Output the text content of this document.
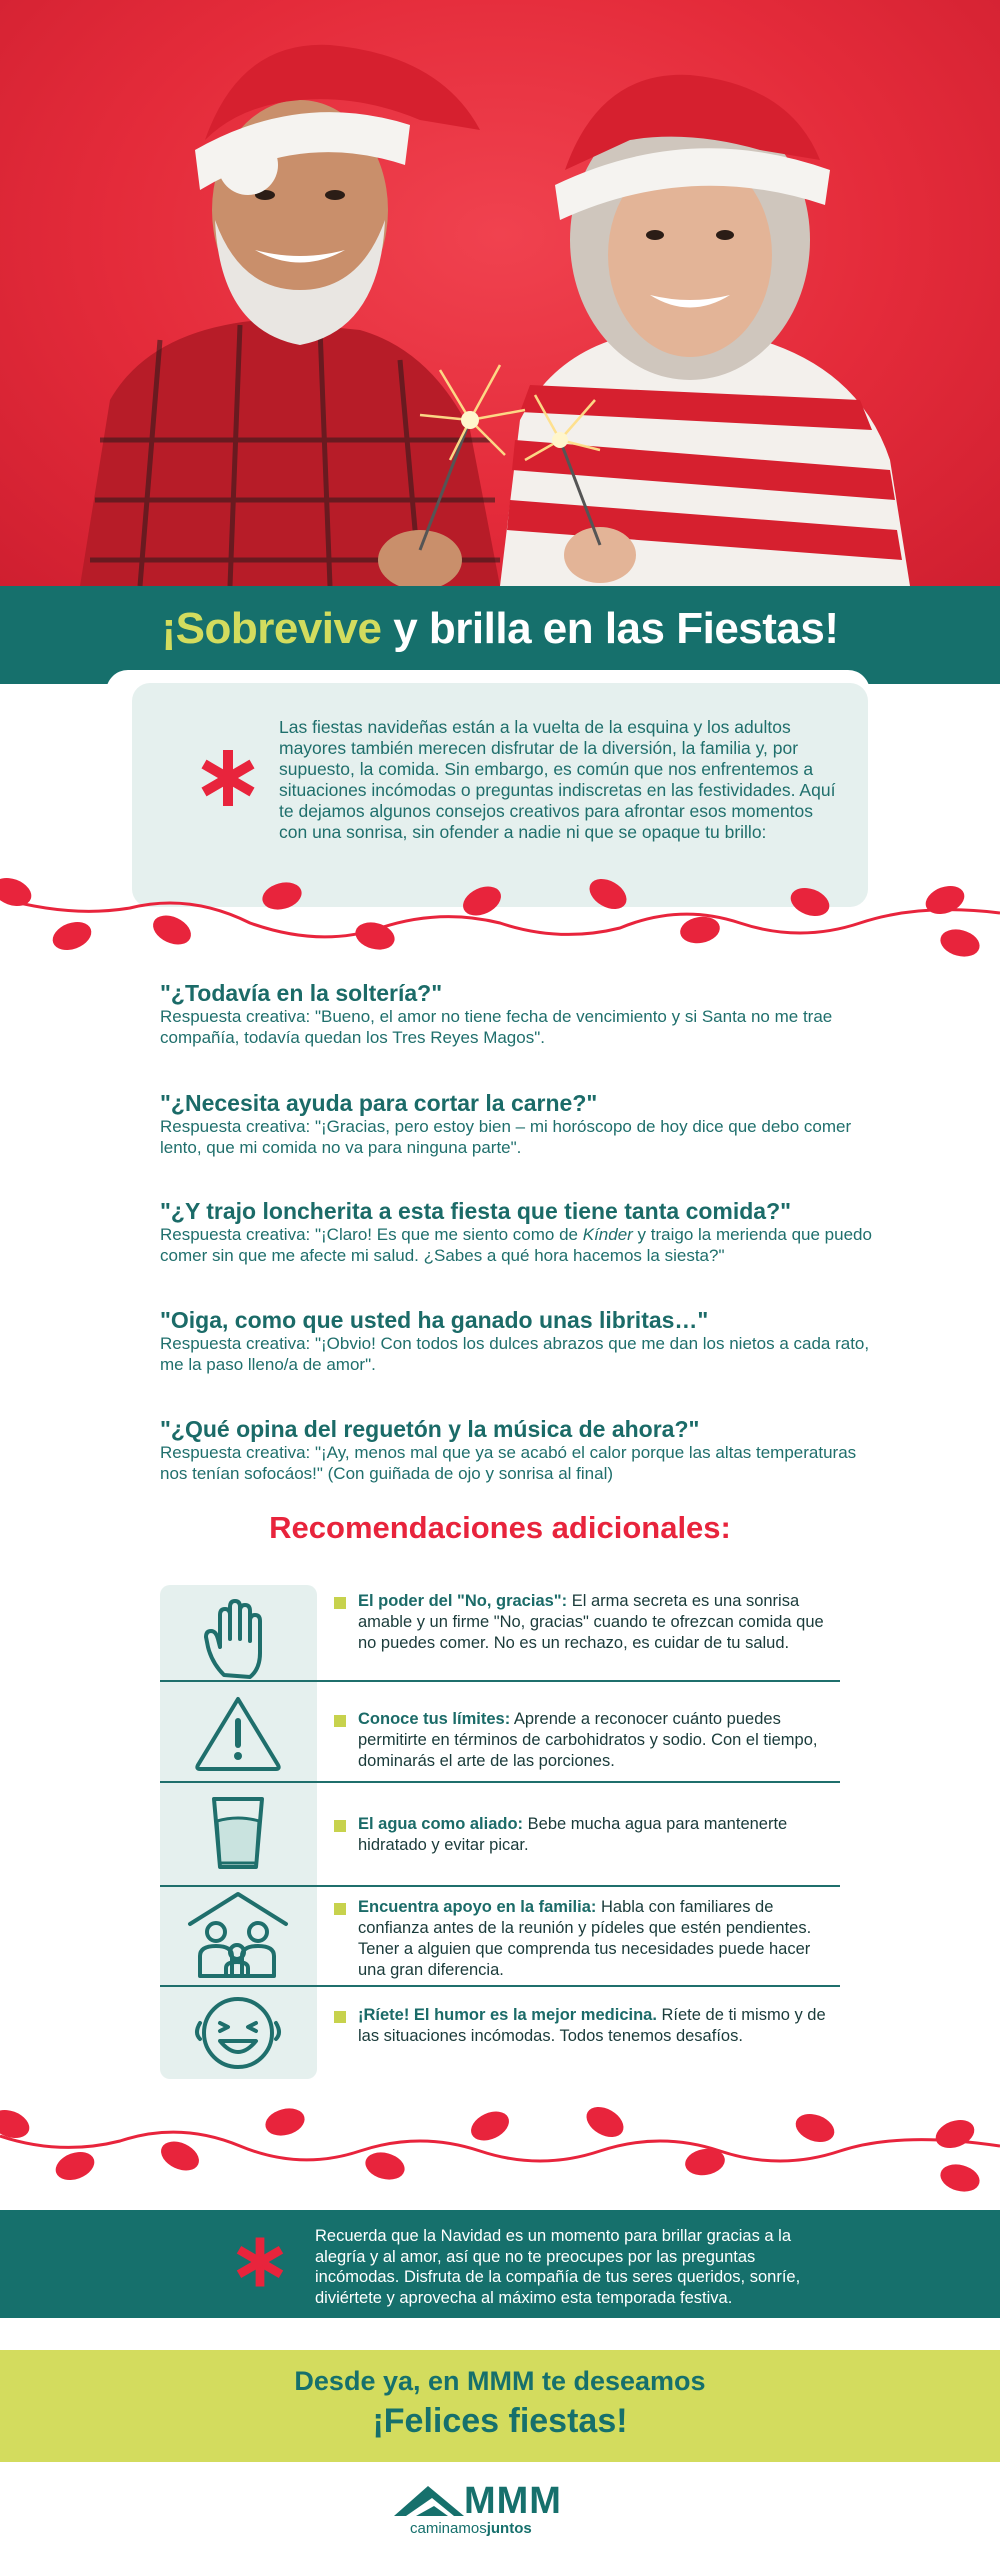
¡Sobrevive y brilla en las Fiestas!
Las fiestas navideñas están a la vuelta de la esquina y los adultos mayores también merecen disfrutar de la diversión, la familia y, por supuesto, la comida. Sin embargo, es común que nos enfrentemos a situaciones incómodas o preguntas indiscretas en las festividades. Aquí te dejamos algunos consejos creativos para afrontar esos momentos con una sonrisa, sin ofender a nadie ni que se opaque tu brillo:
"¿Todavía en la soltería?"
Respuesta creativa: "Bueno, el amor no tiene fecha de vencimiento y si Santa no me trae compañía, todavía quedan los Tres Reyes Magos".
"¿Necesita ayuda para cortar la carne?"
Respuesta creativa: "¡Gracias, pero estoy bien – mi horóscopo de hoy dice que debo comer lento, que mi comida no va para ninguna parte".
"¿Y trajo loncherita a esta fiesta que tiene tanta comida?"
Respuesta creativa: "¡Claro! Es que me siento como de Kínder y traigo la merienda que puedo comer sin que me afecte mi salud. ¿Sabes a qué hora hacemos la siesta?"
"Oiga, como que usted ha ganado unas libritas…"
Respuesta creativa: "¡Obvio! Con todos los dulces abrazos que me dan los nietos a cada rato, me la paso lleno/a de amor".
"¿Qué opina del reguetón y la música de ahora?"
Respuesta creativa: "¡Ay, menos mal que ya se acabó el calor porque las altas temperaturas nos tenían sofocáos!" (Con guiñada de ojo y sonrisa al final)
Recomendaciones adicionales:
El poder del "No, gracias": El arma secreta es una sonrisa amable y un firme "No, gracias" cuando te ofrezcan comida que no puedes comer. No es un rechazo, es cuidar de tu salud.
Conoce tus límites: Aprende a reconocer cuánto puedes permitirte en términos de carbohidratos y sodio. Con el tiempo, dominarás el arte de las porciones.
El agua como aliado: Bebe mucha agua para mantenerte hidratado y evitar picar.
Encuentra apoyo en la familia: Habla con familiares de confianza antes de la reunión y pídeles que estén pendientes. Tener a alguien que comprenda tus necesidades puede hacer una gran diferencia.
¡Ríete! El humor es la mejor medicina. Ríete de ti mismo y de las situaciones incómodas. Todos tenemos desafíos.
Recuerda que la Navidad es un momento para brillar gracias a la alegría y al amor, así que no te preocupes por las preguntas incómodas. Disfruta de la compañía de tus seres queridos, sonríe, diviértete y aprovecha al máximo esta temporada festiva.
Desde ya, en MMM te deseamos
¡Felices fiestas!
MMM
caminamosjuntos
